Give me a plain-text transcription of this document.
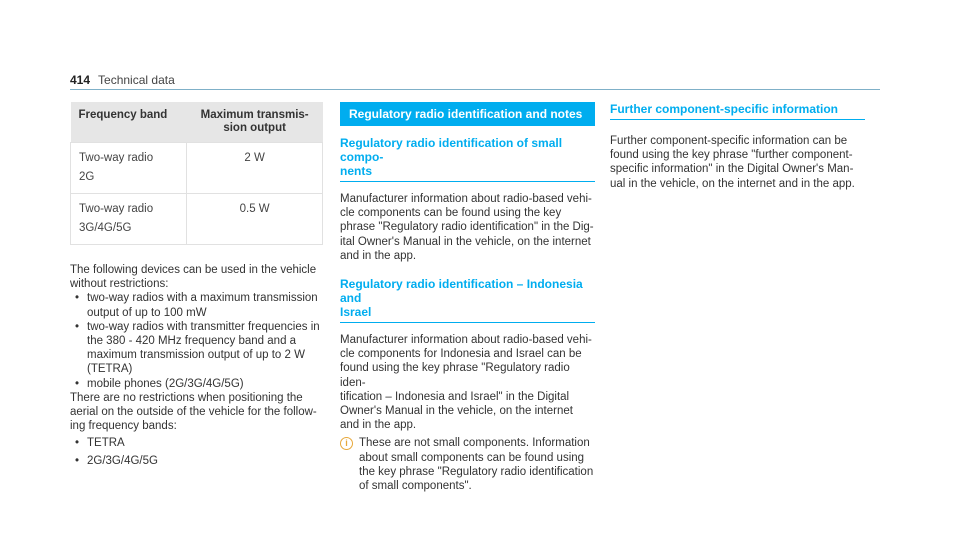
414 Technical data
Frequency band	Maximum transmis-
sion output

Two-way radio
2G	2 W

Two-way radio
3G/4G/5G	0.5 W

The following devices can be used in the vehicle
without restrictions:

• two-way radios with a maximum transmission
output of up to 100 mW
• two-way radios with transmitter frequencies in
the 380 - 420 MHz frequency band and a
maximum transmission output of up to 2 W
(TETRA)
• mobile phones (2G/3G/4G/5G)

There are no restrictions when positioning the
aerial on the outside of the vehicle for the follow-
ing frequency bands:

• TETRA
• 2G/3G/4G/5G
Regulatory radio identification and notes
Regulatory radio identification of small compo-
nents

Manufacturer information about radio-based vehi-
cle components can be found using the key
phrase "Regulatory radio identification" in the Dig-
ital Owner's Manual in the vehicle, on the internet
and in the app.

Regulatory radio identification – Indonesia and
Israel

Manufacturer information about radio-based vehi-
cle components for Indonesia and Israel can be
found using the key phrase "Regulatory radio iden-
tification – Indonesia and Israel" in the Digital
Owner's Manual in the vehicle, on the internet
and in the app.

i These are not small components. Information
about small components can be found using
the key phrase "Regulatory radio identification
of small components".

Further component-specific information

Further component-specific information can be
found using the key phrase "further component-
specific information" in the Digital Owner's Man-
ual in the vehicle, on the internet and in the app.
